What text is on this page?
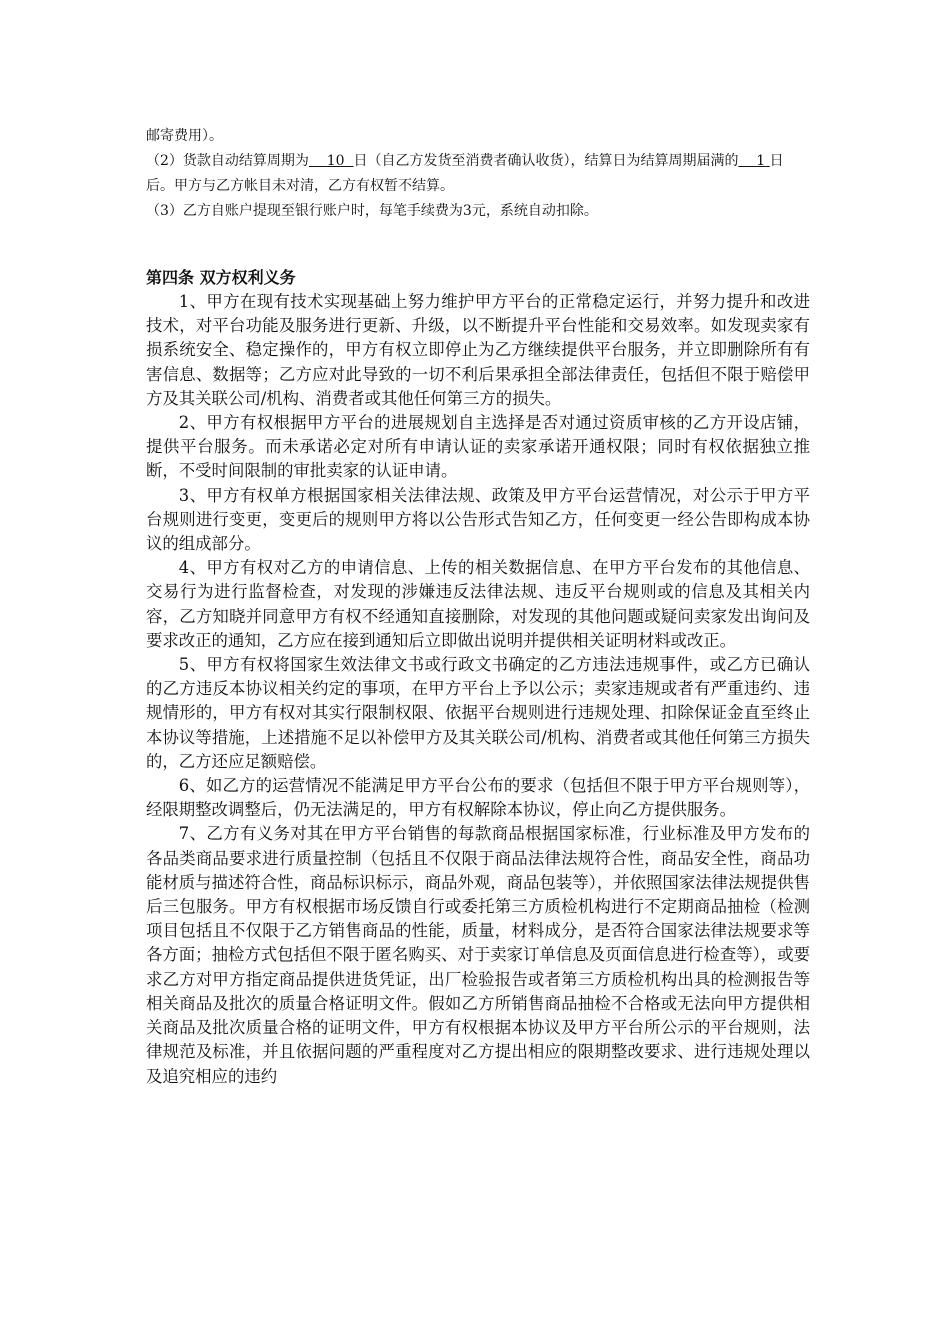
邮寄费用）。

（2）货款自动结算周期为 10 日（自乙方发货至消费者确认收货），结算日为结算周期届满的 1 日后。甲方与乙方帐目未对清，乙方有权暂不结算。

（3）乙方自账户提现至银行账户时，每笔手续费为3元，系统自动扣除。

第四条 双方权利义务

1、甲方在现有技术实现基础上努力维护甲方平台的正常稳定运行，并努力提升和改进技术，对平台功能及服务进行更新、升级，以不断提升平台性能和交易效率。如发现卖家有损系统安全、稳定操作的，甲方有权立即停止为乙方继续提供平台服务，并立即删除所有有害信息、数据等；乙方应对此导致的一切不利后果承担全部法律责任，包括但不限于赔偿甲方及其关联公司/机构、消费者或其他任何第三方的损失。

2、甲方有权根据甲方平台的进展规划自主选择是否对通过资质审核的乙方开设店铺，提供平台服务。而未承诺必定对所有申请认证的卖家承诺开通权限；同时有权依据独立推断，不受时间限制的审批卖家的认证申请。

3、甲方有权单方根据国家相关法律法规、政策及甲方平台运营情况，对公示于甲方平台规则进行变更，变更后的规则甲方将以公告形式告知乙方，任何变更一经公告即构成本协议的组成部分。

4、甲方有权对乙方的申请信息、上传的相关数据信息、在甲方平台发布的其他信息、交易行为进行监督检查，对发现的涉嫌违反法律法规、违反平台规则或的信息及其相关内容，乙方知晓并同意甲方有权不经通知直接删除，对发现的其他问题或疑问卖家发出询问及要求改正的通知，乙方应在接到通知后立即做出说明并提供相关证明材料或改正。

5、甲方有权将国家生效法律文书或行政文书确定的乙方违法违规事件，或乙方已确认的乙方违反本协议相关约定的事项，在甲方平台上予以公示；卖家违规或者有严重违约、违规情形的，甲方有权对其实行限制权限、依据平台规则进行违规处理、扣除保证金直至终止本协议等措施，上述措施不足以补偿甲方及其关联公司/机构、消费者或其他任何第三方损失的，乙方还应足额赔偿。

6、如乙方的运营情况不能满足甲方平台公布的要求（包括但不限于甲方平台规则等），经限期整改调整后，仍无法满足的，甲方有权解除本协议，停止向乙方提供服务。

7、乙方有义务对其在甲方平台销售的每款商品根据国家标准，行业标准及甲方发布的各品类商品要求进行质量控制（包括且不仅限于商品法律法规符合性，商品安全性，商品功能材质与描述符合性，商品标识标示，商品外观，商品包装等），并依照国家法律法规提供售后三包服务。甲方有权根据市场反馈自行或委托第三方质检机构进行不定期商品抽检（检测项目包括且不仅限于乙方销售商品的性能，质量，材料成分，是否符合国家法律法规要求等各方面；抽检方式包括但不限于匿名购买、对于卖家订单信息及页面信息进行检查等），或要求乙方对甲方指定商品提供进货凭证，出厂检验报告或者第三方质检机构出具的检测报告等相关商品及批次的质量合格证明文件。假如乙方所销售商品抽检不合格或无法向甲方提供相关商品及批次质量合格的证明文件，甲方有权根据本协议及甲方平台所公示的平台规则，法律规范及标准，并且依据问题的严重程度对乙方提出相应的限期整改要求、进行违规处理以及追究相应的违约
